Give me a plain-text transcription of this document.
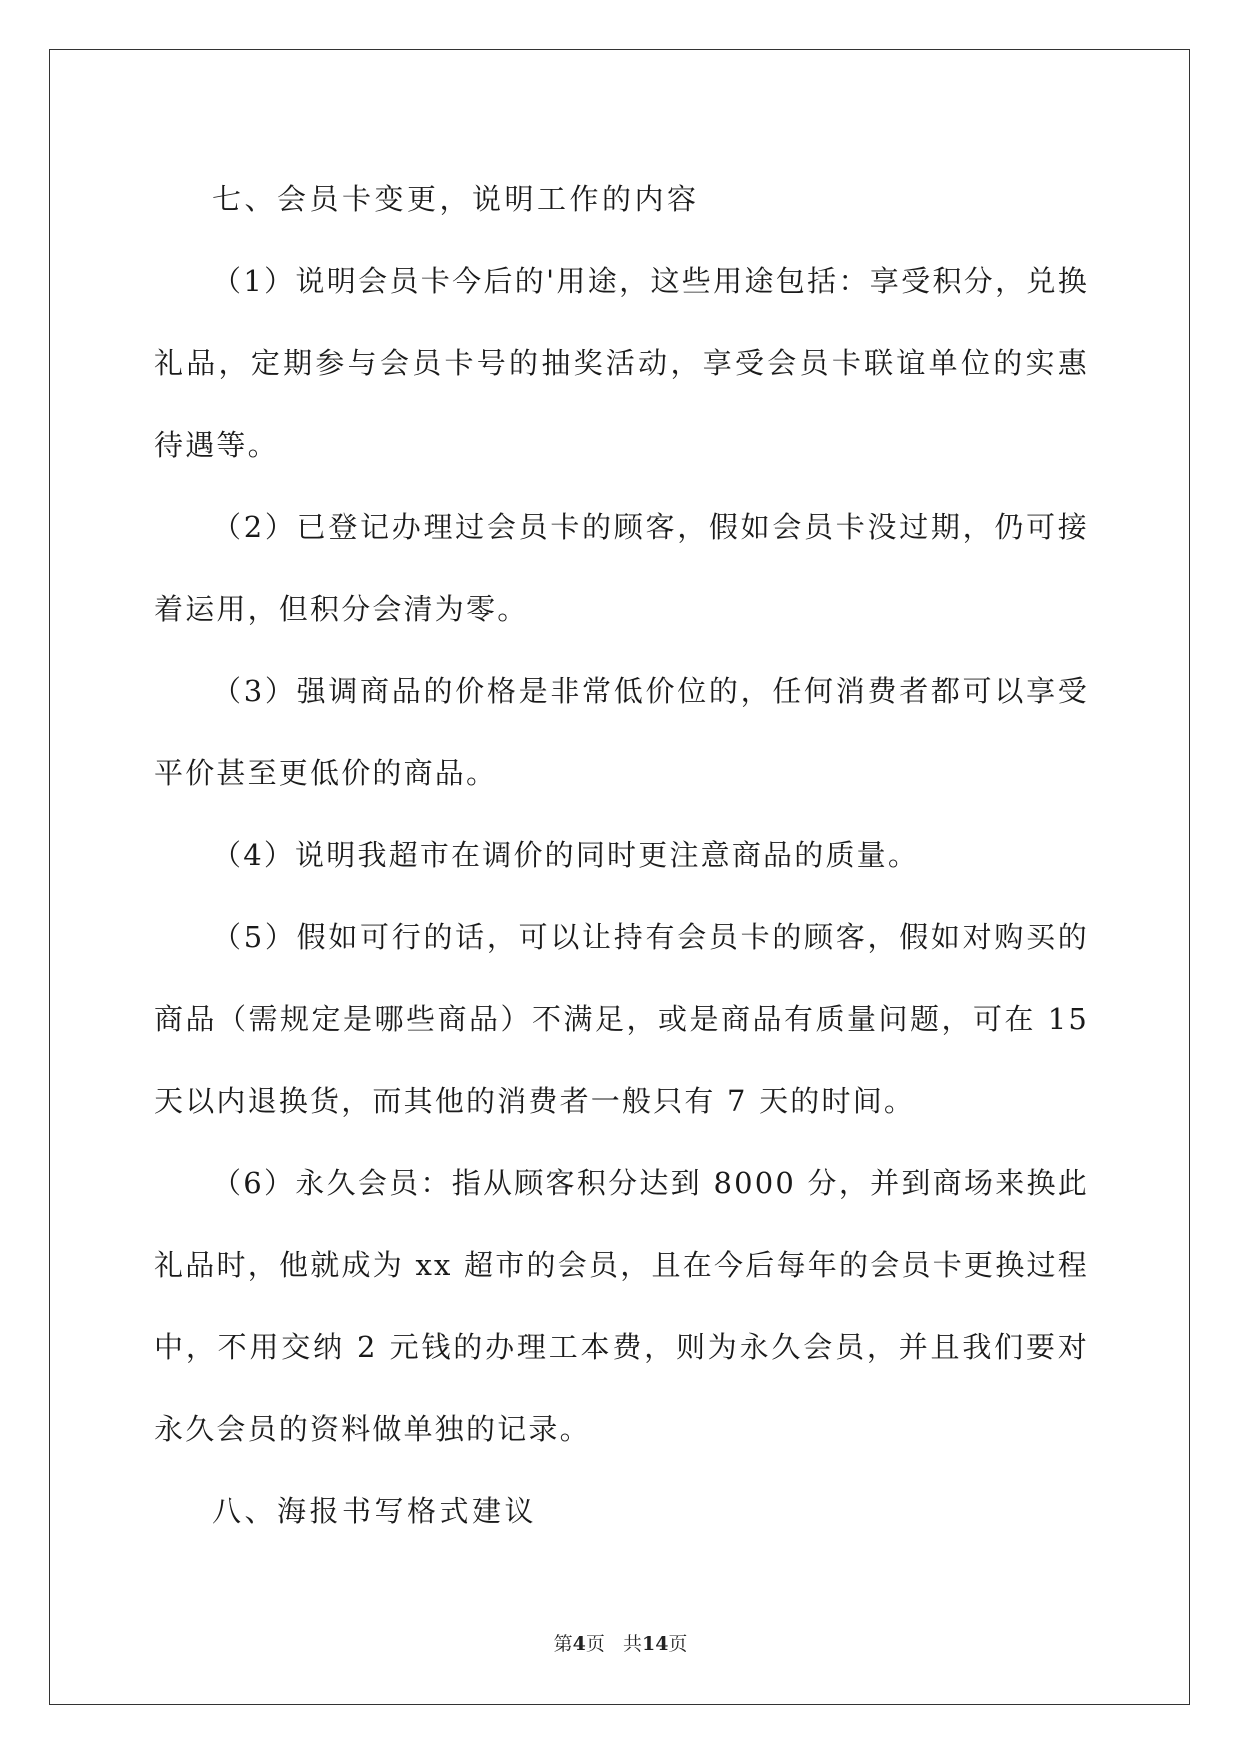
七、会员卡变更，说明工作的内容

（1）说明会员卡今后的'用途，这些用途包括：享受积分，兑换礼品，定期参与会员卡号的抽奖活动，享受会员卡联谊单位的实惠待遇等。

（2）已登记办理过会员卡的顾客，假如会员卡没过期，仍可接着运用，但积分会清为零。

（3）强调商品的价格是非常低价位的，任何消费者都可以享受平价甚至更低价的商品。

（4）说明我超市在调价的同时更注意商品的质量。

（5）假如可行的话，可以让持有会员卡的顾客，假如对购买的商品（需规定是哪些商品）不满足，或是商品有质量问题，可在 15 天以内退换货，而其他的消费者一般只有 7 天的时间。

（6）永久会员：指从顾客积分达到 8000 分，并到商场来换此礼品时，他就成为 xx 超市的会员，且在今后每年的会员卡更换过程中，不用交纳 2 元钱的办理工本费，则为永久会员，并且我们要对永久会员的资料做单独的记录。

八、海报书写格式建议

第4页 共14页
